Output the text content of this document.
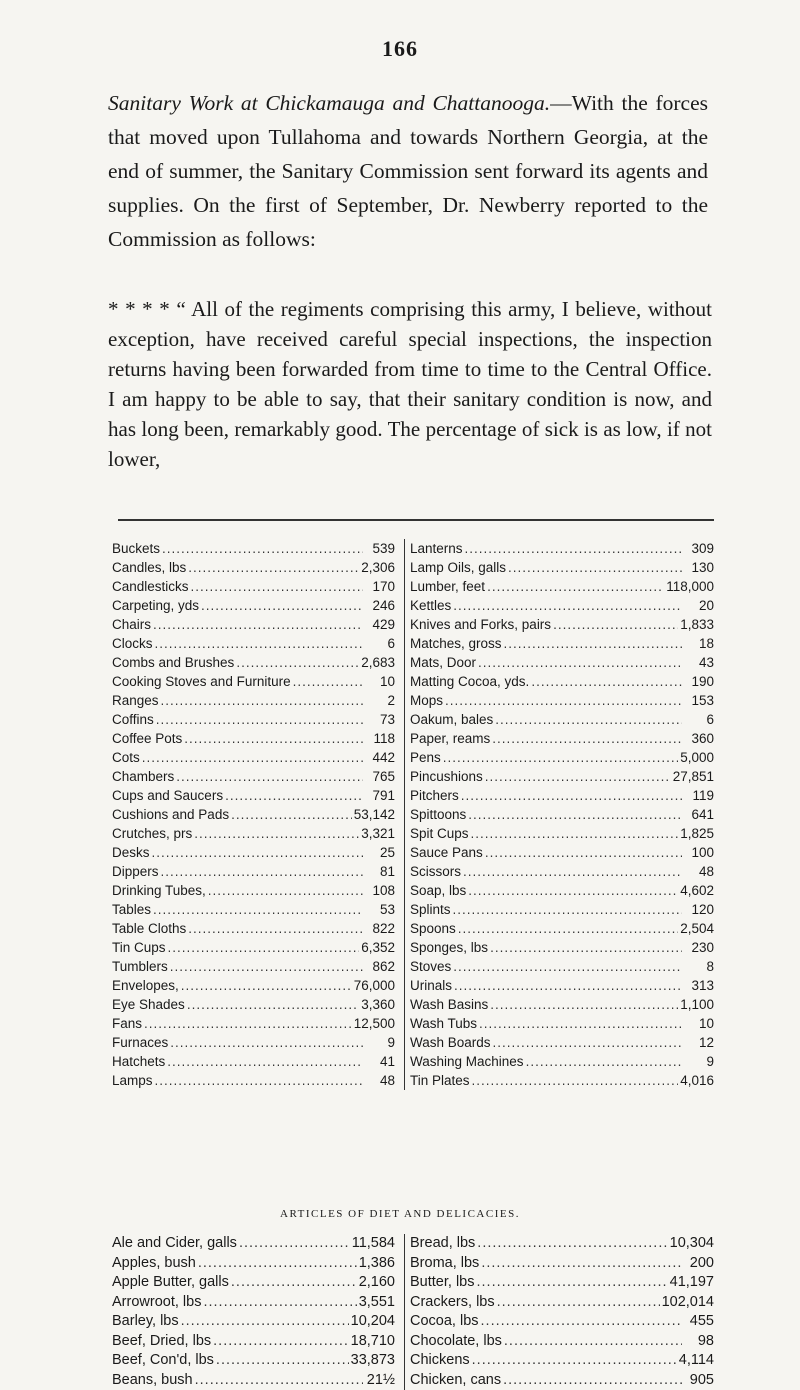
166
Sanitary Work at Chickamauga and Chattanooga.—With the forces that moved upon Tullahoma and towards Northern Georgia, at the end of summer, the Sanitary Commission sent forward its agents and supplies. On the first of September, Dr. Newberry reported to the Commission as follows:
* * * * “ All of the regiments comprising this army, I believe, without exception, have received careful special inspections, the inspection returns having been forwarded from time to time to the Central Office. I am happy to be able to say, that their sanitary condition is now, and has long been, remarkably good. The percentage of sick is as low, if not lower,
Buckets .....	539
Candles, lbs .....	2,306
Candlesticks .....	170
Carpeting, yds .....	246
Chairs .....	429
Clocks .....	6
Combs and Brushes .....	2,683
Cooking Stoves and Furniture .....	10
Ranges .....	2
Coffins .....	73
Coffee Pots .....	118
Cots .....	442
Chambers .....	765
Cups and Saucers .....	791
Cushions and Pads .....	53,142
Crutches, prs .....	3,321
Desks .....	25
Dippers .....	81
Drinking Tubes, .....	108
Tables .....	53
Table Cloths .....	822
Tin Cups .....	6,352
Tumblers .....	862
Envelopes, .....	76,000
Eye Shades .....	3,360
Fans .....	12,500
Furnaces .....	9
Hatchets .....	41
Lamps .....	48
Lanterns .....	309
Lamp Oils, galls .....	130
Lumber, feet .....	118,000
Kettles .....	20
Knives and Forks, pairs .....	1,833
Matches, gross .....	18
Mats, Door .....	43
Matting Cocoa, yds. .....	190
Mops .....	153
Oakum, bales .....	6
Paper, reams .....	360
Pens .....	5,000
Pincushions .....	27,851
Pitchers .....	119
Spittoons .....	641
Spit Cups .....	1,825
Sauce Pans .....	100
Scissors .....	48
Soap, lbs .....	4,602
Splints .....	120
Spoons .....	2,504
Sponges, lbs .....	230
Stoves .....	8
Urinals .....	313
Wash Basins .....	1,100
Wash Tubs .....	10
Wash Boards .....	12
Washing Machines .....	9
Tin Plates .....	4,016
ARTICLES OF DIET AND DELICACIES.
Ale and Cider, galls .....	11,584
Apples, bush .....	1,386
Apple Butter, galls .....	2,160
Arrowroot, lbs .....	3,551
Barley, lbs .....	10,204
Beef, Dried, lbs .....	18,710
Beef, Con'd, lbs .....	33,873
Beans, bush .....	21½
Bread, lbs .....	10,304
Broma, lbs .....	200
Butter, lbs .....	41,197
Crackers, lbs .....	102,014
Cocoa, lbs .....	455
Chocolate, lbs .....	98
Chickens .....	4,114
Chicken, cans .....	905
